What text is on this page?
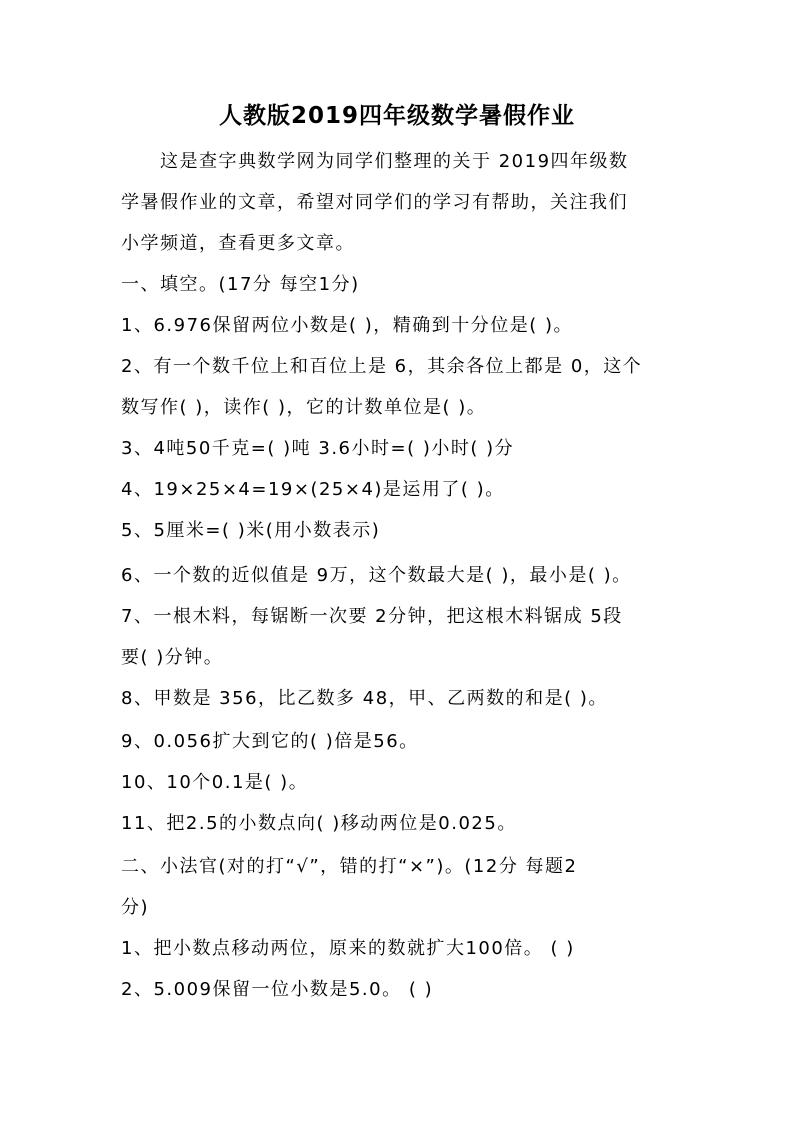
人教版2019四年级数学暑假作业

这是查字典数学网为同学们整理的关于 2019四年级数

学暑假作业的文章，希望对同学们的学习有帮助，关注我们

小学频道，查看更多文章。

一、填空。(17分 每空1分)

1、6.976保留两位小数是( )，精确到十分位是( )。

2、有一个数千位上和百位上是 6，其余各位上都是 0，这个

数写作( )，读作( )，它的计数单位是( )。

3、4吨50千克=( )吨 3.6小时=( )小时( )分

4、19×25×4=19×(25×4)是运用了( )。

5、5厘米=( )米(用小数表示)

6、一个数的近似值是 9万，这个数最大是( )，最小是( )。

7、一根木料，每锯断一次要 2分钟，把这根木料锯成 5段

要( )分钟。

8、甲数是 356，比乙数多 48，甲、乙两数的和是( )。

9、0.056扩大到它的( )倍是56。

10、10个0.1是( )。

11、把2.5的小数点向( )移动两位是0.025。

二、小法官(对的打“√”，错的打“×”)。(12分 每题2

分)

1、把小数点移动两位，原来的数就扩大100倍。 ( )

2、5.009保留一位小数是5.0。 ( )
